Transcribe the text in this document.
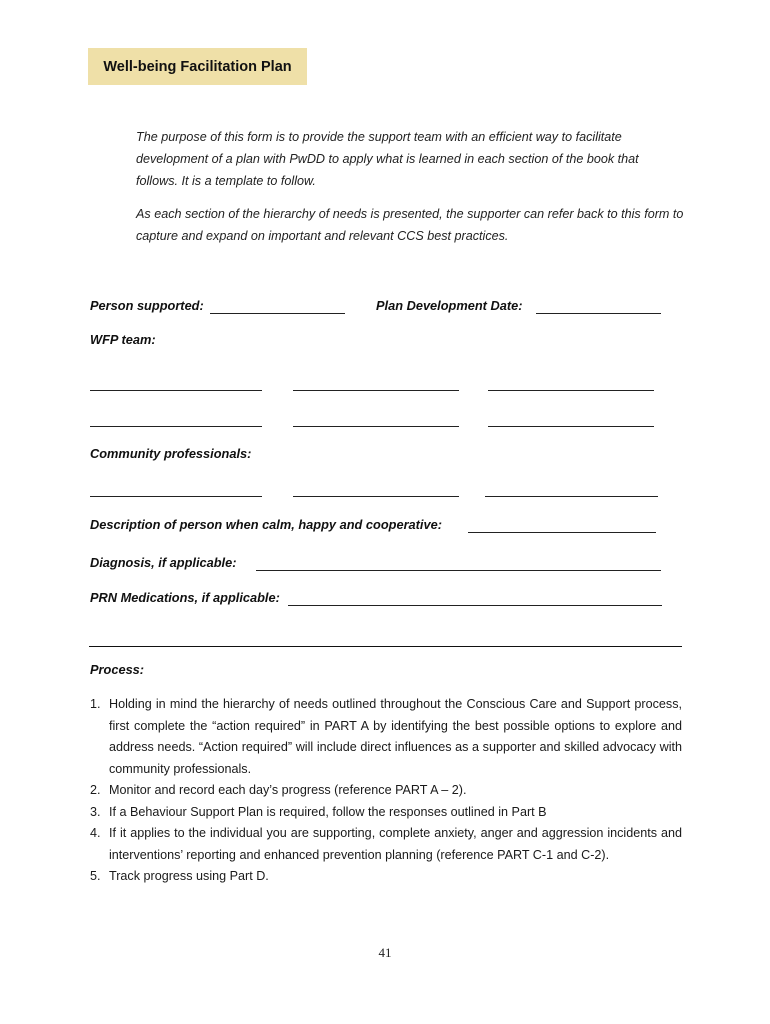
Well-being Facilitation Plan
The purpose of this form is to provide the support team with an efficient way to facilitate development of a plan with PwDD to apply what is learned in each section of the book that follows. It is a template to follow.
As each section of the hierarchy of needs is presented, the supporter can refer back to this form to capture and expand on important and relevant CCS best practices.
Person supported:	Plan Development Date:
WFP team:
Community professionals:
Description of person when calm, happy and cooperative:
Diagnosis, if applicable:
PRN Medications, if applicable:
Process:
1. Holding in mind the hierarchy of needs outlined throughout the Conscious Care and Support process, first complete the “action required” in PART A by identifying the best possible options to explore and address needs. “Action required” will include direct influences as a supporter and skilled advocacy with community professionals.
2. Monitor and record each day’s progress (reference PART A – 2).
3. If a Behaviour Support Plan is required, follow the responses outlined in Part B
4. If it applies to the individual you are supporting, complete anxiety, anger and aggression incidents and interventions’ reporting and enhanced prevention planning (reference PART C-1 and C-2).
5. Track progress using Part D.
41
